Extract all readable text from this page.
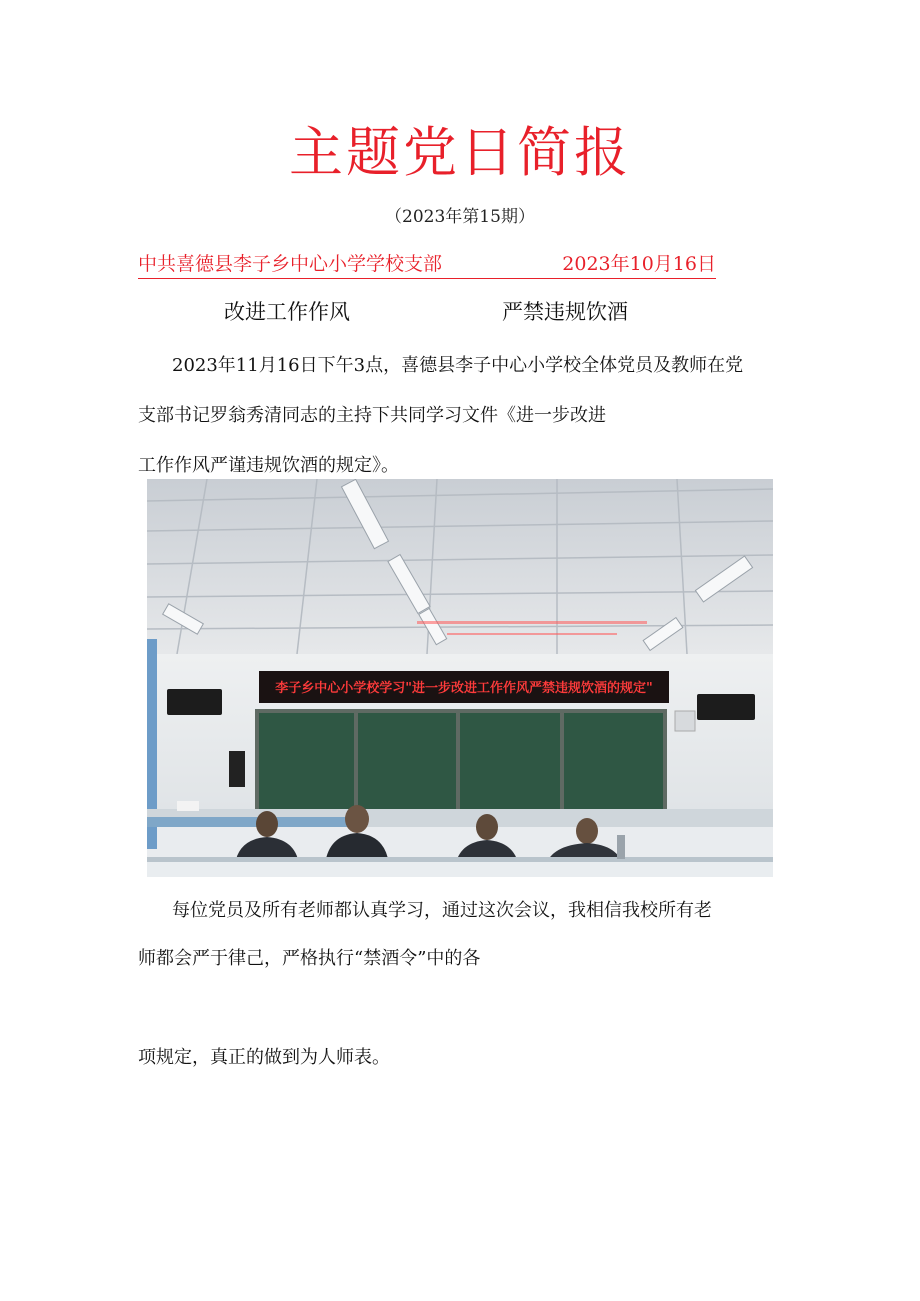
主题党日简报
（2023年第15期）
中共喜德县李子乡中心小学学校支部	2023年10月16日
改进工作作风	严禁违规饮酒
2023年11月16日下午3点，喜德县李子中心小学校全体党员及教师在党
支部书记罗翁秀清同志的主持下共同学习文件《进一步改进
工作作风严谨违规饮酒的规定》。
李子乡中心小学校学习"进一步改进工作作风严禁违规饮酒的规定"
每位党员及所有老师都认真学习，通过这次会议，我相信我校所有老
师都会严于律己，严格执行“禁酒令”中的各
项规定，真正的做到为人师表。
